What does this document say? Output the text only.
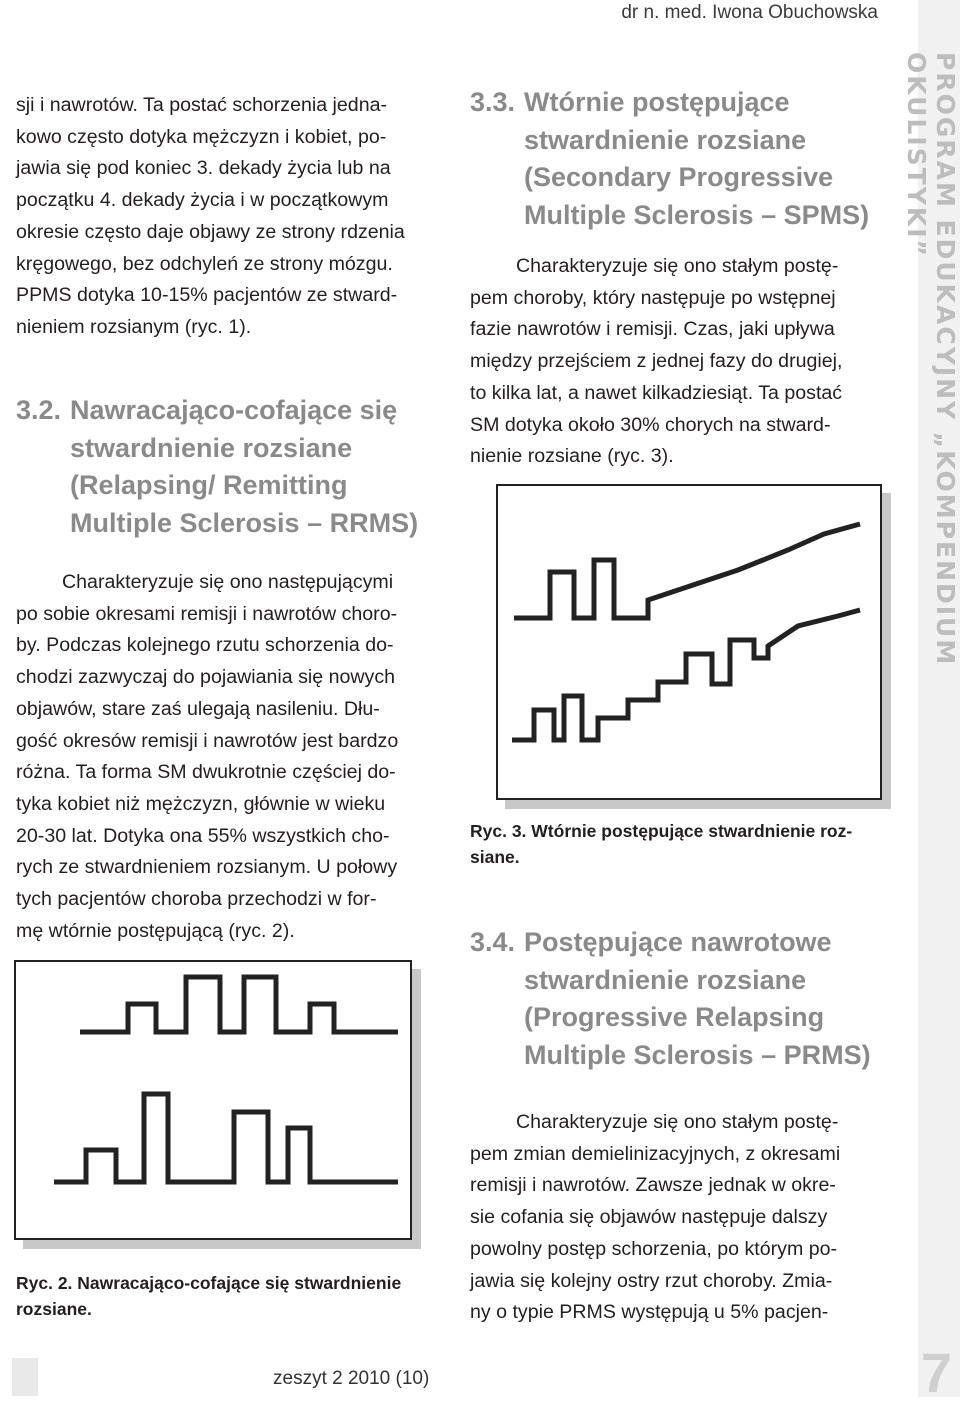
dr n. med. Iwona Obuchowska
PROGRAM EDUKACYJNY „KOMPENDIUM OKULISTYKI”
zeszyt 2 2010 (10)	7

sji i nawrotów. Ta postać schorzenia jedna-

kowo często dotyka mężczyzn i kobiet, po-

jawia się pod koniec 3. dekady życia lub na

początku 4. dekady życia i w początkowym

okresie często daje objawy ze strony rdzenia

kręgowego, bez odchyleń ze strony mózgu.

PPMS dotyka 10-15% pacjentów ze stward-

nieniem rozsianym (ryc. 1).

3.2. Nawracająco-cofające się
stwardnienie rozsiane
(Relapsing/ Remitting
Multiple Sclerosis – RRMS)

Charakteryzuje się ono następującymi

po sobie okresami remisji i nawrotów choro-

by. Podczas kolejnego rzutu schorzenia do-

chodzi zazwyczaj do pojawiania się nowych

objawów, stare zaś ulegają nasileniu. Dłu-

gość okresów remisji i nawrotów jest bardzo

różna. Ta forma SM dwukrotnie częściej do-

tyka kobiet niż mężczyzn, głównie w wieku

20-30 lat. Dotyka ona 55% wszystkich cho-

rych ze stwardnieniem rozsianym. U połowy

tych pacjentów choroba przechodzi w for-

mę wtórnie postępującą (ryc. 2).

Ryc. 2. Nawracająco-cofające się stwardnienie
rozsiane.
3.3. Wtórnie postępujące
stwardnienie rozsiane
(Secondary Progressive
Multiple Sclerosis – SPMS)

Charakteryzuje się ono stałym postę-

pem choroby, który następuje po wstępnej

fazie nawrotów i remisji. Czas, jaki upływa

między przejściem z jednej fazy do drugiej,

to kilka lat, a nawet kilkadziesiąt. Ta postać

SM dotyka około 30% chorych na stward-

nienie rozsiane (ryc. 3).

Ryc. 3. Wtórnie postępujące stwardnienie roz-
siane.
3.4. Postępujące nawrotowe
stwardnienie rozsiane
(Progressive Relapsing
Multiple Sclerosis – PRMS)

Charakteryzuje się ono stałym postę-

pem zmian demielinizacyjnych, z okresami

remisji i nawrotów. Zawsze jednak w okre-

sie cofania się objawów następuje dalszy

powolny postęp schorzenia, po którym po-

jawia się kolejny ostry rzut choroby. Zmia-

ny o typie PRMS występują u 5% pacjen-
